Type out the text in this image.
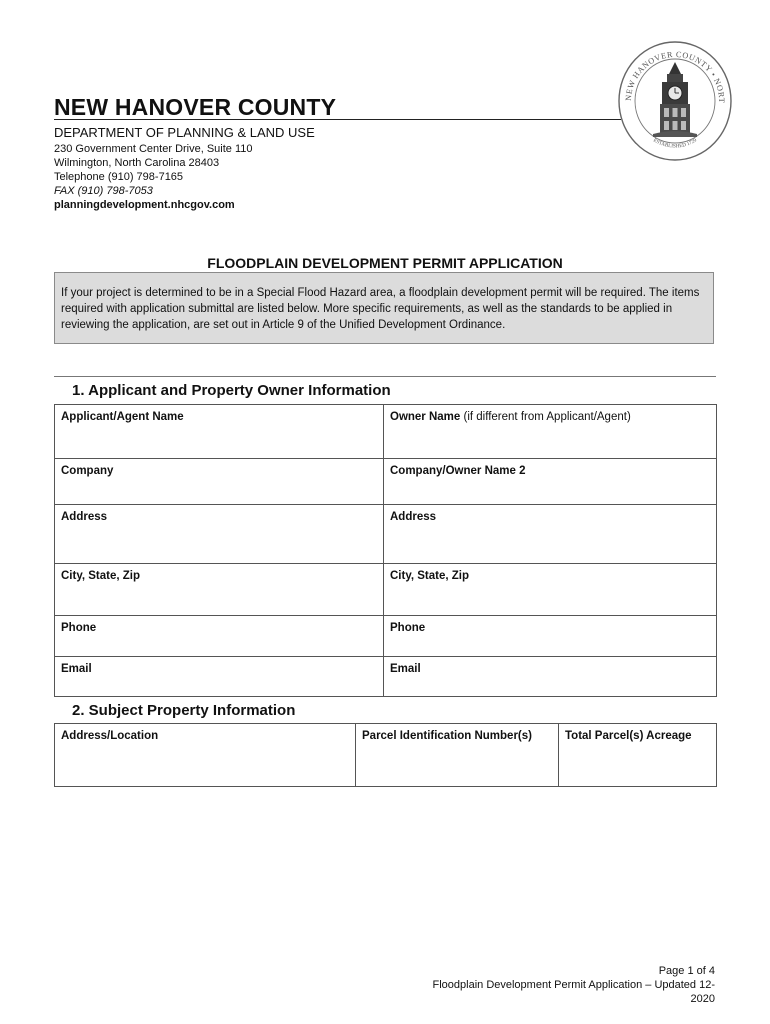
NEW HANOVER COUNTY
DEPARTMENT OF PLANNING & LAND USE
230 Government Center Drive, Suite 110
Wilmington, North Carolina 28403
Telephone (910) 798-7165
FAX (910) 798-7053
planningdevelopment.nhcgov.com
NEW HANOVER COUNTY • NORT
ESTABLISHED 1729
FLOODPLAIN DEVELOPMENT PERMIT APPLICATION
If your project is determined to be in a Special Flood Hazard area, a floodplain development permit will be required. The items required with application submittal are listed below. More specific requirements, as well as the standards to be applied in reviewing the application, are set out in Article 9 of the Unified Development Ordinance.
1. Applicant and Property Owner Information
Applicant/Agent Name	Owner Name (if different from Applicant/Agent)
Company	Company/Owner Name 2
Address	Address
City, State, Zip	City, State, Zip
Phone	Phone
Email	Email
2. Subject Property Information
Address/Location	Parcel Identification Number(s)	Total Parcel(s) Acreage
Page 1 of 4
Floodplain Development Permit Application – Updated 12-
2020
